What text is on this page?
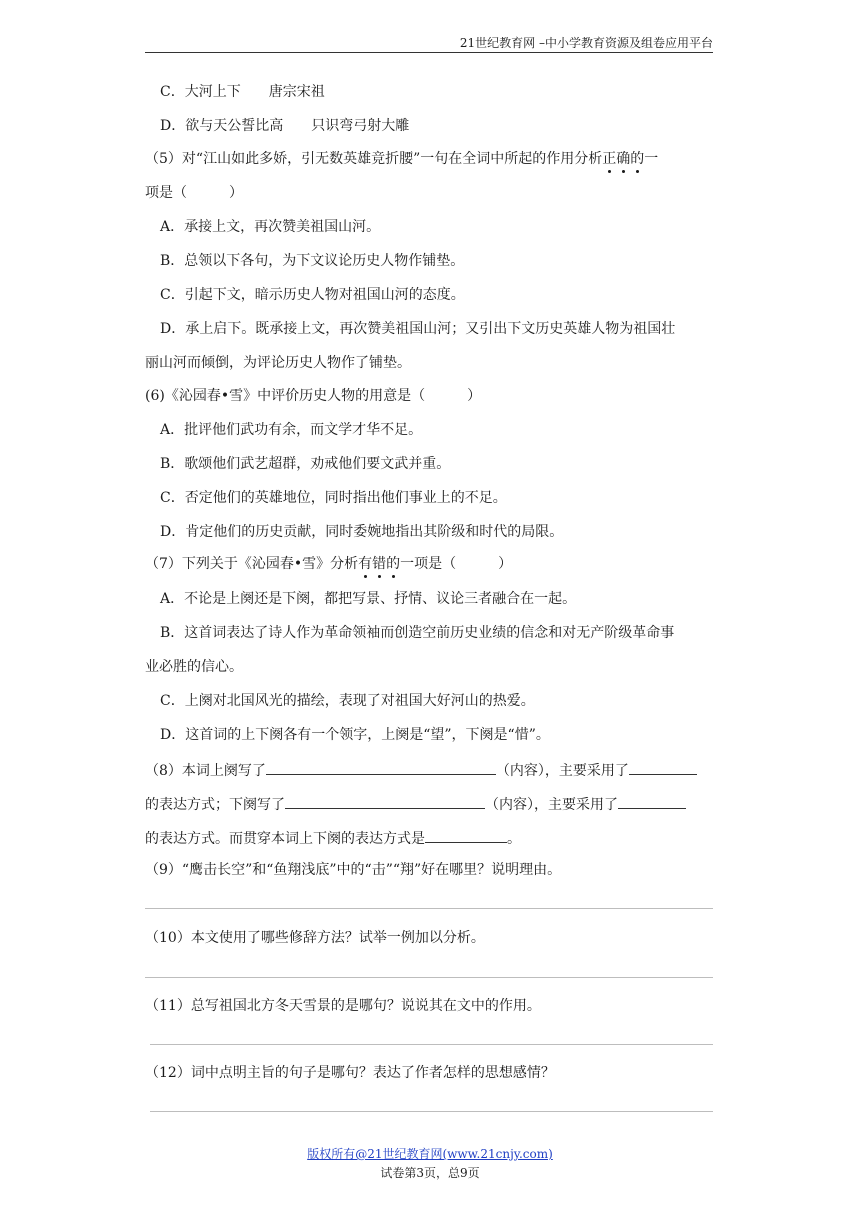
21世纪教育网 –中小学教育资源及组卷应用平台
C．大河上下　　唐宗宋祖
D．欲与天公誓比高　　只识弯弓射大雕
（5）对“江山如此多娇，引无数英雄竞折腰”一句在全词中所起的作用分析正确的一
项是（　　　）
A．承接上文，再次赞美祖国山河。
B．总领以下各句，为下文议论历史人物作铺垫。
C．引起下文，暗示历史人物对祖国山河的态度。
D．承上启下。既承接上文，再次赞美祖国山河；又引出下文历史英雄人物为祖国壮
丽山河而倾倒，为评论历史人物作了铺垫。
(6)《沁园春•雪》中评价历史人物的用意是（　　　）
A．批评他们武功有余，而文学才华不足。
B．歌颂他们武艺超群，劝戒他们要文武并重。
C．否定他们的英雄地位，同时指出他们事业上的不足。
D．肯定他们的历史贡献，同时委婉地指出其阶级和时代的局限。
（7）下列关于《沁园春•雪》分析有错的一项是（　　　）
A．不论是上阕还是下阕，都把写景、抒情、议论三者融合在一起。
B．这首词表达了诗人作为革命领袖而创造空前历史业绩的信念和对无产阶级革命事
业必胜的信心。
C．上阕对北国风光的描绘，表现了对祖国大好河山的热爱。
D．这首词的上下阕各有一个领字，上阕是“望”，下阕是“惜”。
（8）本词上阕写了	（内容），主要采用了
的表达方式；下阕写了	（内容），主要采用了
的表达方式。而贯穿本词上下阕的表达方式是	。
（9）“鹰击长空”和“鱼翔浅底”中的“击”“翔”好在哪里？说明理由。
（10）本文使用了哪些修辞方法？试举一例加以分析。
（11）总写祖国北方冬天雪景的是哪句？说说其在文中的作用。
（12）词中点明主旨的句子是哪句？表达了作者怎样的思想感情？
版权所有@21世纪教育网(www.21cnjy.com)
试卷第3页，总9页
